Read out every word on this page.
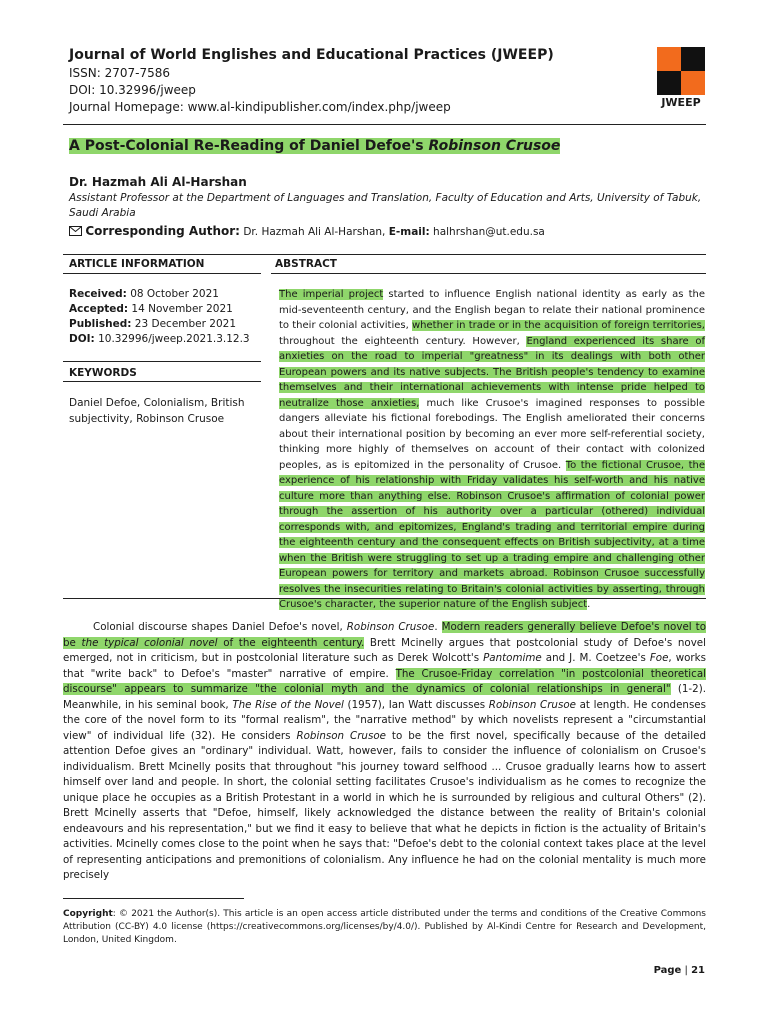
Journal of World Englishes and Educational Practices (JWEEP)
ISSN: 2707-7586
DOI: 10.32996/jweep
Journal Homepage: www.al-kindipublisher.com/index.php/jweep	JWEEP
A Post-Colonial Re-Reading of Daniel Defoe's Robinson Crusoe
Dr. Hazmah Ali Al-Harshan
Assistant Professor at the Department of Languages and Translation, Faculty of Education and Arts, University of Tabuk, Saudi Arabia
Corresponding Author: Dr. Hazmah Ali Al-Harshan, E-mail: halhrshan@ut.edu.sa
ARTICLE INFORMATION	ABSTRACT
Received: 08 October 2021
Accepted: 14 November 2021
Published: 23 December 2021
DOI: 10.32996/jweep.2021.3.12.3
KEYWORDS
Daniel Defoe, Colonialism, British subjectivity, Robinson Crusoe
The imperial project started to influence English national identity as early as the mid-seventeenth century, and the English began to relate their national prominence to their colonial activities, whether in trade or in the acquisition of foreign territories, throughout the eighteenth century. However, England experienced its share of anxieties on the road to imperial "greatness" in its dealings with both other European powers and its native subjects. The British people's tendency to examine themselves and their international achievements with intense pride helped to neutralize those anxieties, much like Crusoe's imagined responses to possible dangers alleviate his fictional forebodings. The English ameliorated their concerns about their international position by becoming an ever more self-referential society, thinking more highly of themselves on account of their contact with colonized peoples, as is epitomized in the personality of Crusoe. To the fictional Crusoe, the experience of his relationship with Friday validates his self-worth and his native culture more than anything else. Robinson Crusoe's affirmation of colonial power through the assertion of his authority over a particular (othered) individual corresponds with, and epitomizes, England's trading and territorial empire during the eighteenth century and the consequent effects on British subjectivity, at a time when the British were struggling to set up a trading empire and challenging other European powers for territory and markets abroad. Robinson Crusoe successfully resolves the insecurities relating to Britain's colonial activities by asserting, through Crusoe's character, the superior nature of the English subject.
Colonial discourse shapes Daniel Defoe's novel, Robinson Crusoe. Modern readers generally believe Defoe's novel to be the typical colonial novel of the eighteenth century. Brett Mcinelly argues that postcolonial study of Defoe's novel emerged, not in criticism, but in postcolonial literature such as Derek Wolcott's Pantomime and J. M. Coetzee's Foe, works that "write back" to Defoe's "master" narrative of empire. The Crusoe-Friday correlation "in postcolonial theoretical discourse" appears to summarize "the colonial myth and the dynamics of colonial relationships in general" (1-2). Meanwhile, in his seminal book, The Rise of the Novel (1957), Ian Watt discusses Robinson Crusoe at length. He condenses the core of the novel form to its "formal realism", the "narrative method" by which novelists represent a "circumstantial view" of individual life (32). He considers Robinson Crusoe to be the first novel, specifically because of the detailed attention Defoe gives an "ordinary" individual. Watt, however, fails to consider the influence of colonialism on Crusoe's individualism. Brett Mcinelly posits that throughout "his journey toward selfhood ... Crusoe gradually learns how to assert himself over land and people. In short, the colonial setting facilitates Crusoe's individualism as he comes to recognize the unique place he occupies as a British Protestant in a world in which he is surrounded by religious and cultural Others" (2). Brett Mcinelly asserts that "Defoe, himself, likely acknowledged the distance between the reality of Britain's colonial endeavours and his representation," but we find it easy to believe that what he depicts in fiction is the actuality of Britain's activities. Mcinelly comes close to the point when he says that: "Defoe's debt to the colonial context takes place at the level of representing anticipations and premonitions of colonialism. Any influence he had on the colonial mentality is much more precisely
Copyright: © 2021 the Author(s). This article is an open access article distributed under the terms and conditions of the Creative Commons Attribution (CC-BY) 4.0 license (https://creativecommons.org/licenses/by/4.0/). Published by Al-Kindi Centre for Research and Development, London, United Kingdom.
Page | 21
